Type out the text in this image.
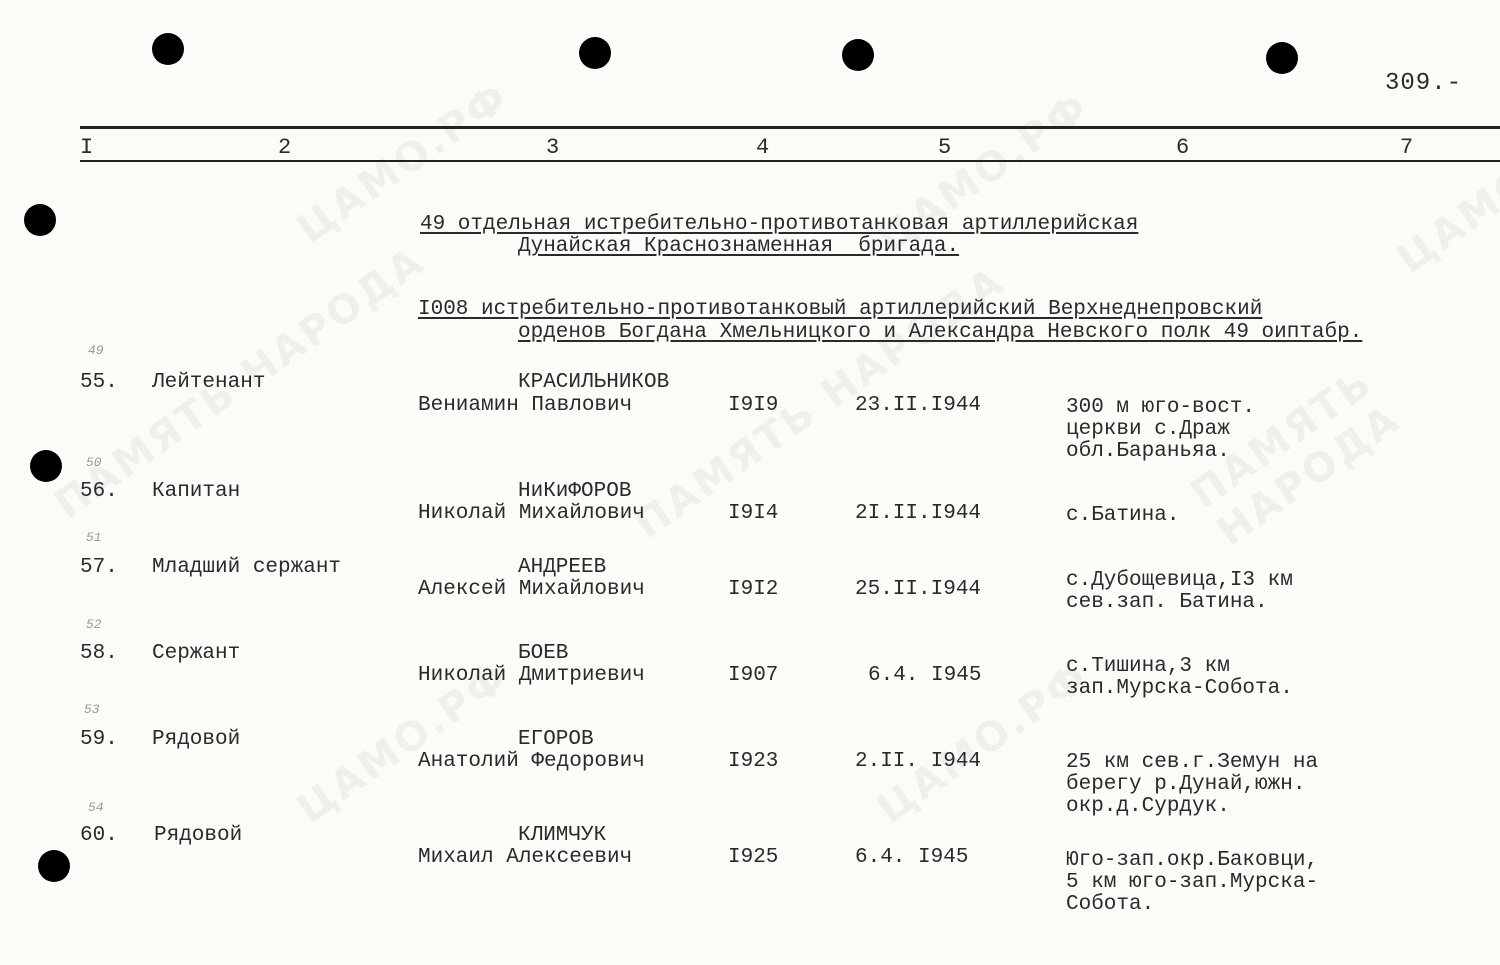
309.-
I	2	3	4	5	6	7
49 отдельная истребительно-противотанковая артиллерийская
Дунайская Краснознаменная  бригада.
I008 истребительно-противотанковый артиллерийский Верхнеднепровский
орденов Богдана Хмельницкого и Александра Невского полк 49 оиптабр.
49
55. Лейтенант	КРАСИЛЬНИКОВ
Вениамин Павлович	I9I9	23.II.I944	300 м юго-вост.
церкви с.Драж
обл.Бараньяа.
50
56. Капитан	НиКиФОРОВ
Николай Михайлович	I9I4	2I.II.I944	с.Батина.
51
57. Младший сержант	АНДРЕЕВ
Алексей Михайлович	I9I2	25.II.I944	с.Дубощевица,I3 км
сев.зап. Батина.
52
58. Сержант	БОЕВ
Николай Дмитриевич	I907	6.4. I945	с.Тишина,3 км
зап.Мурска-Собота.
53
59. Рядовой	ЕГОРОВ
Анатолий Федорович	I923	2.II. I944	25 км сев.г.Земун на
берегу р.Дунай,южн.
окр.д.Сурдук.
54
60. Рядовой	КЛИМЧУК
Михаил Алексеевич	I925	6.4. I945	Юго-зап.окр.Баковци,
5 км юго-зап.Мурска-
Собота.
